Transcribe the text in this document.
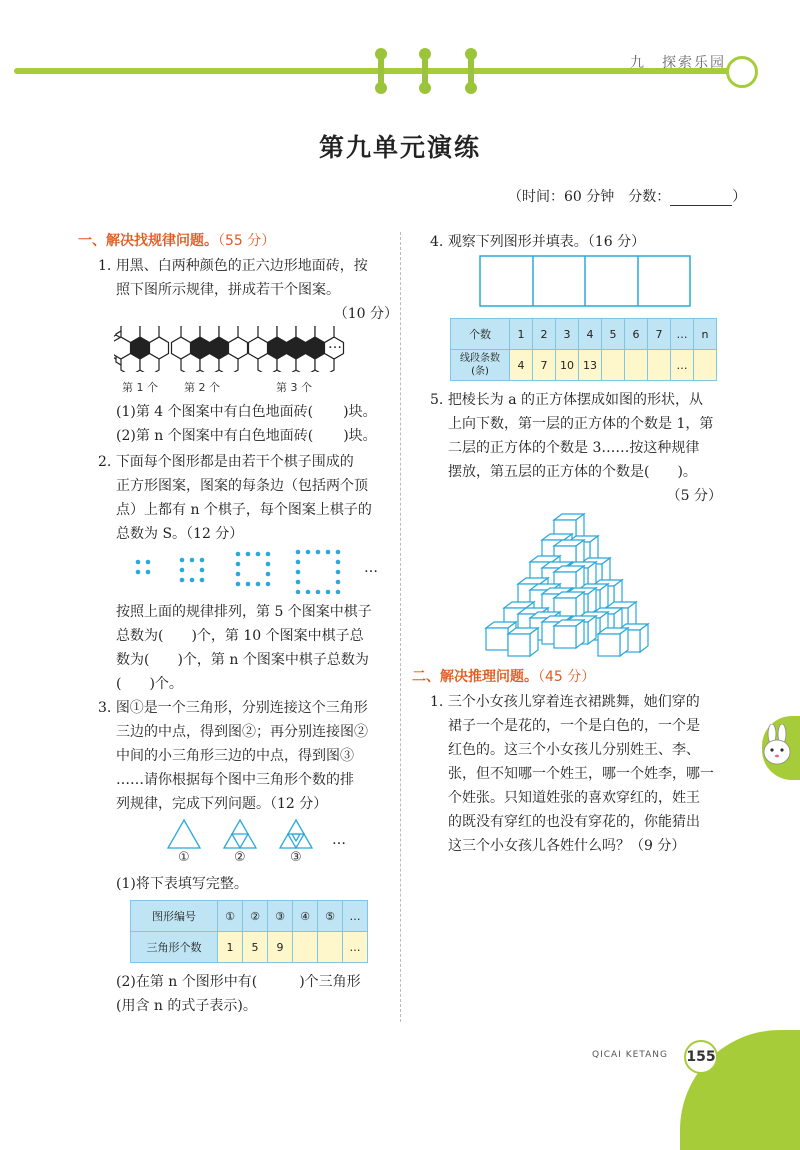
九　探索乐园
第九单元演练
（时间：60 分钟　分数：	）
一、解决找规律问题。（55 分）
1. 用黑、白两种颜色的正六边形地面砖，按
照下图所示规律，拼成若干个图案。
（10 分）
…
第 1 个 第 2 个	第 3 个
(1)第 4 个图案中有白色地面砖( )块。
(2)第 n 个图案中有白色地面砖( )块。
2. 下面每个图形都是由若干个棋子围成的
正方形图案，图案的每条边（包括两个顶
点）上都有 n 个棋子，每个图案上棋子的
总数为 S。（12 分）
…
按照上面的规律排列，第 5 个图案中棋子
总数为(　　)个，第 10 个图案中棋子总
数为(　　)个，第 n 个图案中棋子总数为
(　　)个。
3. 图①是一个三角形，分别连接这个三角形
三边的中点，得到图②；再分别连接图②
中间的小三角形三边的中点，得到图③
……请你根据每个图中三角形个数的排
列规律，完成下列问题。（12 分）
…
①	②	③
(1)将下表填写完整。
图形编号	①	②	③	④	⑤	…
三角形个数	1	5	9			…
(2)在第 n 个图形中有(　　　)个三角形
(用含 n 的式子表示)。
4. 观察下列图形并填表。（16 分）
个数	1	2	3	4	5	6	7	…	n
线段条数(条)	4	7	10	13				…	
5. 把棱长为 a 的正方体摆成如图的形状，从
上向下数，第一层的正方体的个数是 1，第
二层的正方体的个数是 3……按这种规律
摆放，第五层的正方体的个数是(　　)。
（5 分）
二、解决推理问题。（45 分）
1. 三个小女孩儿穿着连衣裙跳舞，她们穿的
裙子一个是花的，一个是白色的，一个是
红色的。这三个小女孩儿分别姓王、李、
张，但不知哪一个姓王，哪一个姓李，哪一
个姓张。只知道姓张的喜欢穿红的，姓王
的既没有穿红的也没有穿花的，你能猜出
这三个小女孩儿各姓什么吗？（9 分）
QICAI KETANG 155
